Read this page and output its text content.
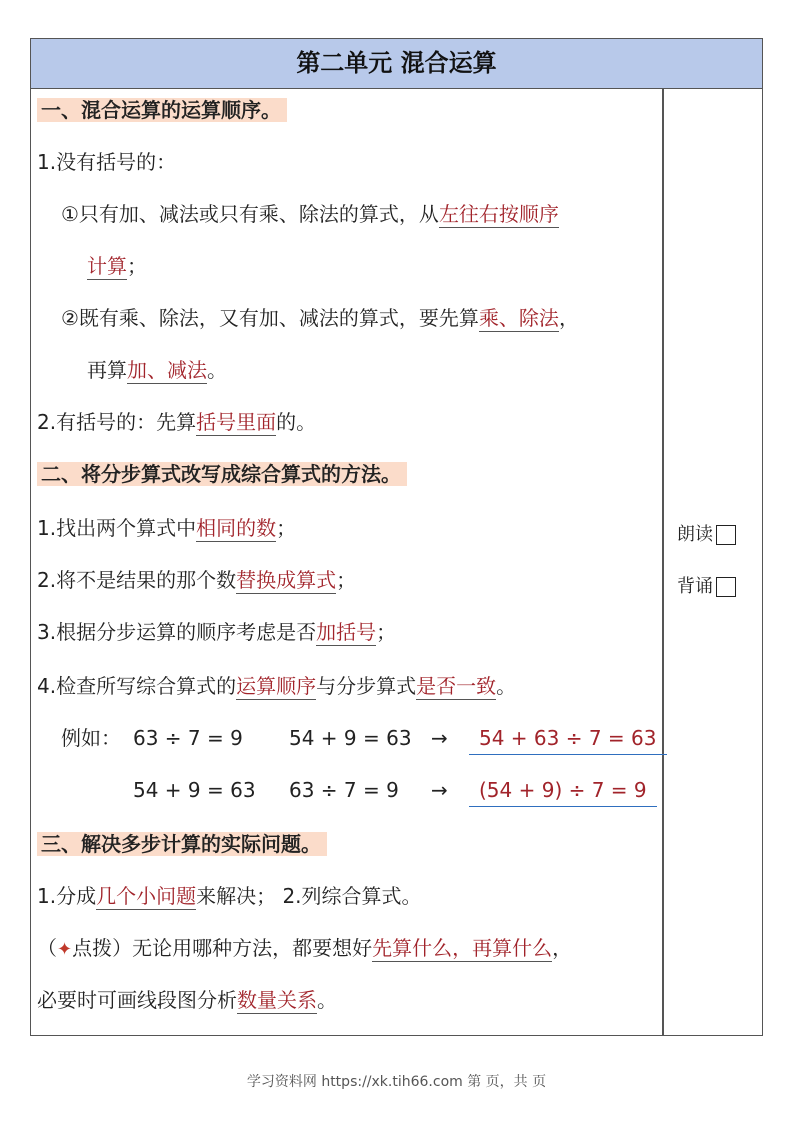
第二单元 混合运算
一、混合运算的运算顺序。
1.没有括号的：
①只有加、减法或只有乘、除法的算式，从左往右按顺序
计算；
②既有乘、除法，又有加、减法的算式，要先算乘、除法，
再算加、减法。
2.有括号的：先算括号里面的。
二、将分步算式改写成综合算式的方法。
1.找出两个算式中相同的数；
2.将不是结果的那个数替换成算式；
3.根据分步运算的顺序考虑是否加括号；
4.检查所写综合算式的运算顺序与分步算式是否一致。
例如： 63 ÷ 7 = 9 54 + 9 = 63 →	54 + 63 ÷ 7 = 63
54 + 9 = 63 63 ÷ 7 = 9 →	(54 + 9) ÷ 7 = 9
三、解决多步计算的实际问题。
1.分成几个小问题来解决； 2.列综合算式。
（✦点拨）无论用哪种方法，都要想好先算什么，再算什么，
必要时可画线段图分析数量关系。
朗读
背诵
学习资料网 https://xk.tih66.com 第 页，共 页
